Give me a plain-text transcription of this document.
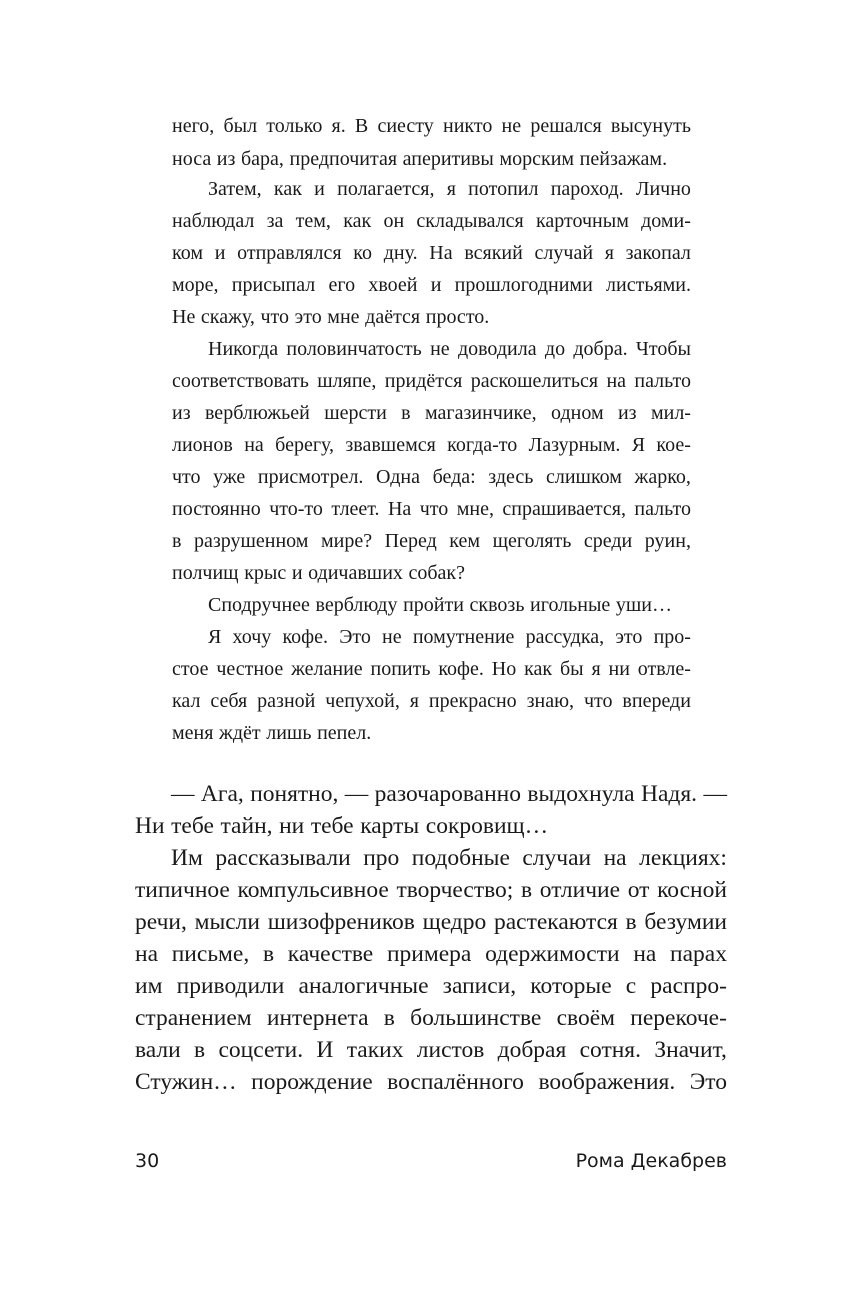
него, был только я. В сиесту никто не решался высунуть

носа из бара, предпочитая аперитивы морским пейзажам.

Затем, как и полагается, я потопил пароход. Лично

наблюдал за тем, как он складывался карточным доми-

ком и отправлялся ко дну. На всякий случай я закопал

море, присыпал его хвоей и прошлогодними листьями.

Не скажу, что это мне даётся просто.

Никогда половинчатость не доводила до добра. Чтобы

соответствовать шляпе, придётся раскошелиться на пальто

из верблюжьей шерсти в магазинчике, одном из мил-

лионов на берегу, звавшемся когда-то Лазурным. Я кое-

что уже присмотрел. Одна беда: здесь слишком жарко,

постоянно что-то тлеет. На что мне, спрашивается, пальто

в разрушенном мире? Перед кем щеголять среди руин,

полчищ крыс и одичавших собак?

Сподручнее верблюду пройти сквозь игольные уши…

Я хочу кофе. Это не помутнение рассудка, это про-

стое честное желание попить кофе. Но как бы я ни отвле-

кал себя разной чепухой, я прекрасно знаю, что впереди

меня ждёт лишь пепел.

— Ага, понятно, — разочарованно выдохнула Надя. —

Ни тебе тайн, ни тебе карты сокровищ…

Им рассказывали про подобные случаи на лекциях:

типичное компульсивное творчество; в отличие от косной

речи, мысли шизофреников щедро растекаются в безумии

на письме, в качестве примера одержимости на парах

им приводили аналогичные записи, которые с распро-

странением интернета в большинстве своём перекоче-

вали в соцсети. И таких листов добрая сотня. Значит,

Стужин… порождение воспалённого воображения. Это

30	Рома Декабрев
